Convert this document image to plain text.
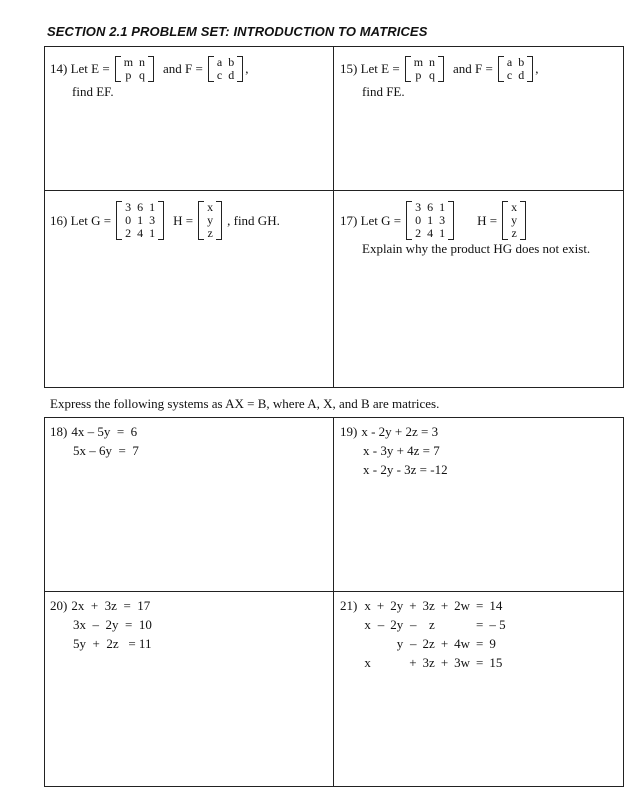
SECTION 2.1 PROBLEM SET: INTRODUCTION TO MATRICES
14) Let E = m	n
p	q and F = a	b
c	d ,
find EF.
15) Let E = m	n
p	q and F = a	b
c	d ,
find FE.
16) Let G =
3	6	1
0	1	3
2	4	1
H =
x
y
z
, find GH.	17) Let G =
3	6	1
0	1	3
2	4	1
H =
x
y
z
Explain why the product HG does not exist.
Express the following systems as AX = B, where A, X, and B are matrices.
18) 4x – 5y  =  6
5x – 6y  =  7
19) x - 2y + 2z = 3
x - 3y + 4z = 7
x - 2y - 3z = -12
20) 2x  +  3z  =  17
3x  –  2y  =  10
5y  +  2z   = 11
21) x	+	2y	+	3z	+	2w	=	14
x	–	2y	–	z			=	– 5
		y	–	2z	+	4w	=	9
x			+	3z	+	3w	=	15
